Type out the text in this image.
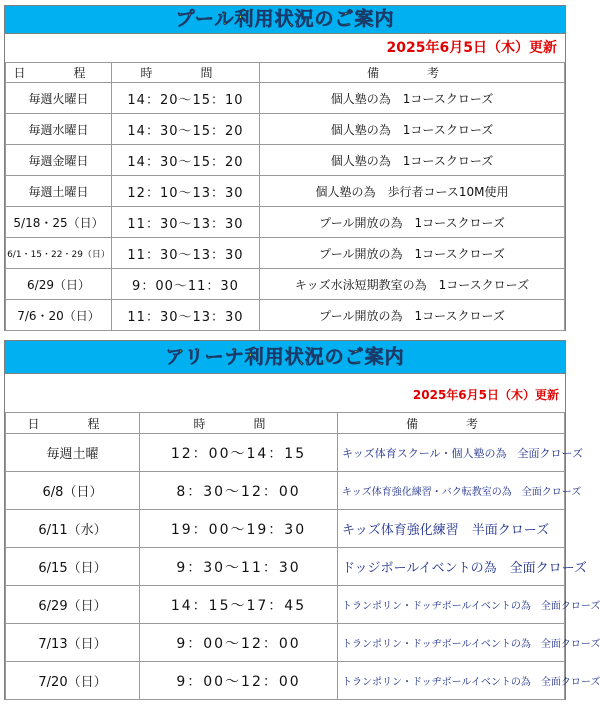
プール利用状況のご案内
2025年6月5日（木）更新
日　程	時　間	備　考
毎週火曜日	14：20〜15：10	個人塾の為　1コースクローズ
毎週水曜日	14：30〜15：20	個人塾の為　1コースクローズ
毎週金曜日	14：30〜15：20	個人塾の為　1コースクローズ
毎週土曜日	12：10〜13：30	個人塾の為　歩行者コース10M使用
5/18・25（日）	11：30〜13：30	プール開放の為　1コースクローズ
6/1・15・22・29（日）	11：30〜13：30	プール開放の為　1コースクローズ
6/29（日）	9：00〜11：30	キッズ水泳短期教室の為　1コースクローズ
7/6・20（日）	11：30〜13：30	プール開放の為　1コースクローズ
アリーナ利用状況のご案内
2025年6月5日（木）更新
日　程	時　間	備　考
毎週土曜	12：00〜14：15	キッズ体育スクール・個人塾の為　全面クローズ
6/8（日）	8：30〜12：00	キッズ体育強化練習・バク転教室の為　全面クローズ
6/11（水）	19：00〜19：30	キッズ体育強化練習　半面クローズ
6/15（日）	9：30〜11：30	ドッジボールイベントの為　全面クローズ
6/29（日）	14：15〜17：45	トランポリン・ドッヂボールイベントの為　全面クローズ
7/13（日）	9：00〜12：00	トランポリン・ドッヂボールイベントの為　全面クローズ
7/20（日）	9：00〜12：00	トランポリン・ドッヂボールイベントの為　全面クローズ
